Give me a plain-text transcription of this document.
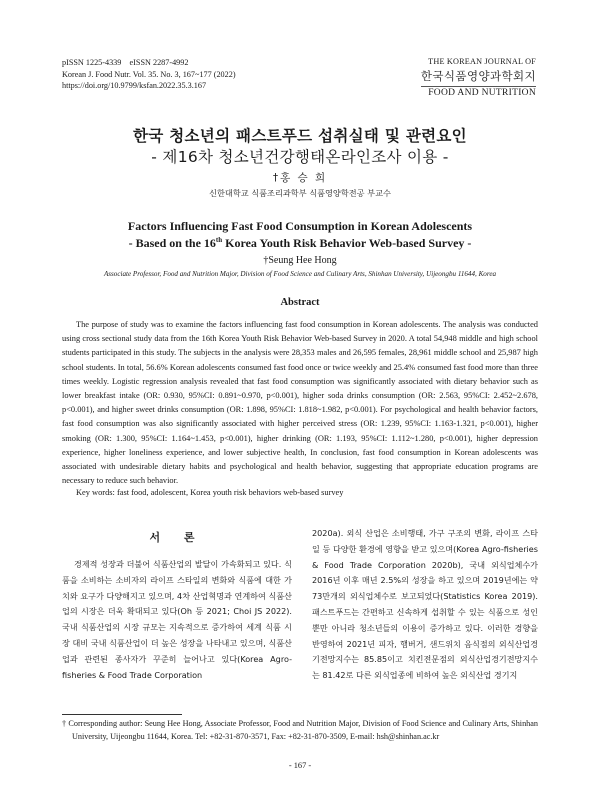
pISSN 1225-4339    eISSN 2287-4992
Korean J. Food Nutr. Vol. 35. No. 3, 167~177 (2022)
https://doi.org/10.9799/ksfan.2022.35.3.167
THE KOREAN JOURNAL OF
한국식품영양과학회지
FOOD AND NUTRITION
한국 청소년의 패스트푸드 섭취실태 및 관련요인
- 제16차 청소년건강행태온라인조사 이용 -
†홍 승 희
신한대학교 식품조리과학부 식품영양학전공 부교수
Factors Influencing Fast Food Consumption in Korean Adolescents
- Based on the 16th Korea Youth Risk Behavior Web-based Survey -
†Seung Hee Hong
Associate Professor, Food and Nutrition Major, Division of Food Science and Culinary Arts, Shinhan University, Uijeongbu 11644, Korea
Abstract
The purpose of study was to examine the factors influencing fast food consumption in Korean adolescents. The analysis was conducted using cross sectional study data from the 16th Korea Youth Risk Behavior Web-based Survey in 2020. A total 54,948 middle and high school students participated in this study. The subjects in the analysis were 28,353 males and 26,595 females, 28,961 middle school and 25,987 high school students. In total, 56.6% Korean adolescents consumed fast food once or twice weekly and 25.4% consumed fast food more than three times weekly. Logistic regression analysis revealed that fast food consumption was significantly associated with dietary behavior such as lower breakfast intake (OR: 0.930, 95%CI: 0.891~0.970, p<0.001), higher soda drinks consumption (OR: 2.563, 95%CI: 2.452~2.678, p<0.001), and higher sweet drinks consumption (OR: 1.898, 95%CI: 1.818~1.982, p<0.001). For psychological and health behavior factors, fast food consumption was also significantly associated with higher perceived stress (OR: 1.239, 95%CI: 1.163-1.321, p<0.001), higher smoking (OR: 1.300, 95%CI: 1.164~1.453, p<0.001), higher drinking (OR: 1.193, 95%CI: 1.112~1.280, p<0.001), higher depression experience, higher loneliness experience, and lower subjective health, In conclusion, fast food consumption in Korean adolescents was associated with undesirable dietary habits and psychological and health behavior, suggesting that appropriate education programs are necessary to reduce such behavior.
Key words: fast food, adolescent, Korea youth risk behaviors web-based survey
서 론
경제적 성장과 더불어 식품산업의 발달이 가속화되고 있다. 식품을 소비하는 소비자의 라이프 스타일의 변화와 식품에 대한 가치와 요구가 다양해지고 있으며, 4차 산업혁명과 연계하여 식품산업의 시장은 더욱 확대되고 있다(Oh 등 2021; Choi JS 2022). 국내 식품산업의 시장 규모는 지속적으로 증가하여 세계 식품 시장 대비 국내 식품산업이 더 높은 성장을 나타내고 있으며, 식품산업과 관련된 종사자가 꾸준히 늘어나고 있다(Korea Agro-fisheries & Food Trade Corporation
2020a). 외식 산업은 소비행태, 가구 구조의 변화, 라이프 스타일 등 다양한 환경에 영향을 받고 있으며(Korea Agro-fisheries & Food Trade Corporation 2020b), 국내 외식업체수가 2016년 이후 매년 2.5%의 성장을 하고 있으며 2019년에는 약 73만개의 외식업체수로 보고되었다(Statistics Korea 2019). 패스트푸드는 간편하고 신속하게 섭취할 수 있는 식품으로 성인 뿐만 아니라 청소년들의 이용이 증가하고 있다. 이러한 경향을 반영하여 2021년 피자, 햄버거, 샌드위치 음식점의 외식산업경기전망지수는 85.85이고 치킨전문점의 외식산업경기전망지수는 81.42로 다른 외식업종에 비하여 높은 외식산업 경기지
† Corresponding author: Seung Hee Hong, Associate Professor, Food and Nutrition Major, Division of Food Science and Culinary Arts, Shinhan University, Uijeongbu 11644, Korea. Tel: +82-31-870-3571, Fax: +82-31-870-3509, E-mail: hsh@shinhan.ac.kr
- 167 -
